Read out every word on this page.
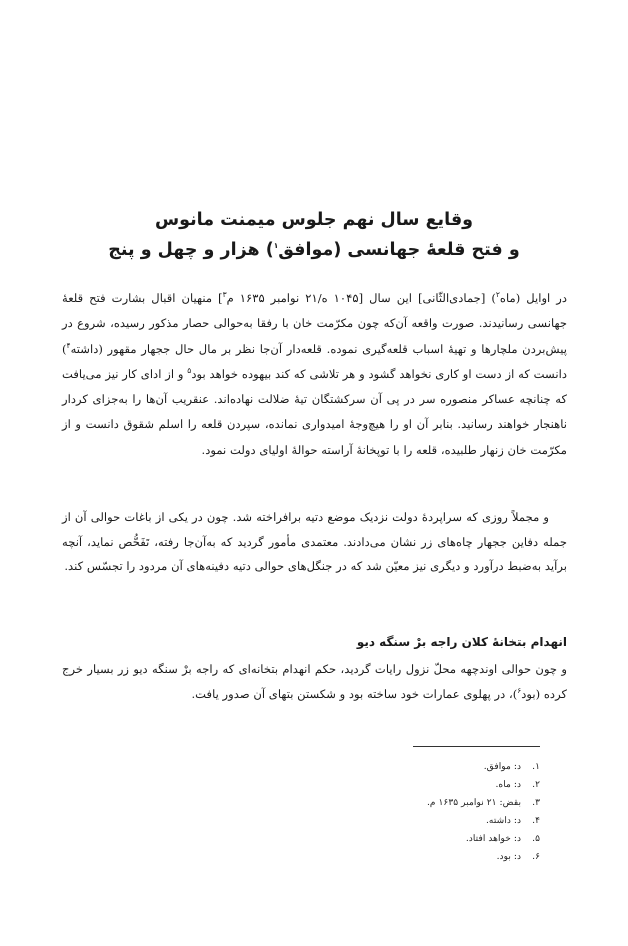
وقایع سال نهم جلوس میمنت مانوس
و فتح قلعۀ جهانسی (موافق$^۱$) هزار و چهل و پنج

در اوایل (ماه$^۲$) [جمادی‌الثّانی] این سال [۱۰۴۵ ه/۲۱ نوامبر ۱۶۳۵ م$^۳$] منهیان اقبال بشارت فتح قلعۀ جهانسی رسانیدند. صورت واقعه آن‌که چون مکرّمت خان با رفقا به‌حوالی حصار مذکور رسیده، شروع در پیش‌بردن ملچارها و تهیۀ اسباب قلعه‌گیری نموده. قلعه‌دار آن‌جا نظر بر مال حال ججهار مقهور (داشته$^۴$) دانست که از دست او کاری نخواهد گشود و هر تلاشی که کند بیهوده خواهد بود$^۵$ و از ادای کار نیز می‌یافت که چنانچه عساکر منصوره سر در پی آن سرکشتگان تیۀ ضلالت نهاده‌اند. عنقریب آن‌ها را به‌جزای کردار ناهنجار خواهند رسانید. بنابر آن او را هیچ‌وجۀ امیدواری نمانده، سپردن قلعه را اسلم شقوق دانست و از مکرّمت خان زنهار طلبیده، قلعه را با توپخانۀ آراسته حوالۀ اولیای دولت نمود.

و مجملاً روزی که سراپردۀ دولت نزدیک موضع دتیه برافراخته شد. چون در یکی از باغات حوالی آن از جمله دفاین ججهار چاه‌های زر نشان می‌دادند. معتمدی مأمور گردید که به‌آن‌جا رفته، تَفَحُّص نماید، آنچه برآید به‌ضبط درآورد و دیگری نیز معیّن شد که در جنگل‌های حوالی دتیه دفینه‌های آن مردود را تجسّس کند.

انهدام بتخانۀ کلان راجه برْ سنگه دیو

و چون حوالی اوندچهه محلّ نزول رایات گردید، حکم انهدام بتخانه‌ای که راجه برْ سنگه دیو زر بسیار خرج کرده (بود$^۶$)، در پهلوی عمارات خود ساخته بود و شکستن بتهای آن صدور یافت.

۱. د: موافق.
۲. د: ماه.
۳. بقض: ۲۱ نوامبر ۱۶۳۵ م.
۴. د: داشته.
۵. د: خواهد افتاد.
۶. د: بود.
